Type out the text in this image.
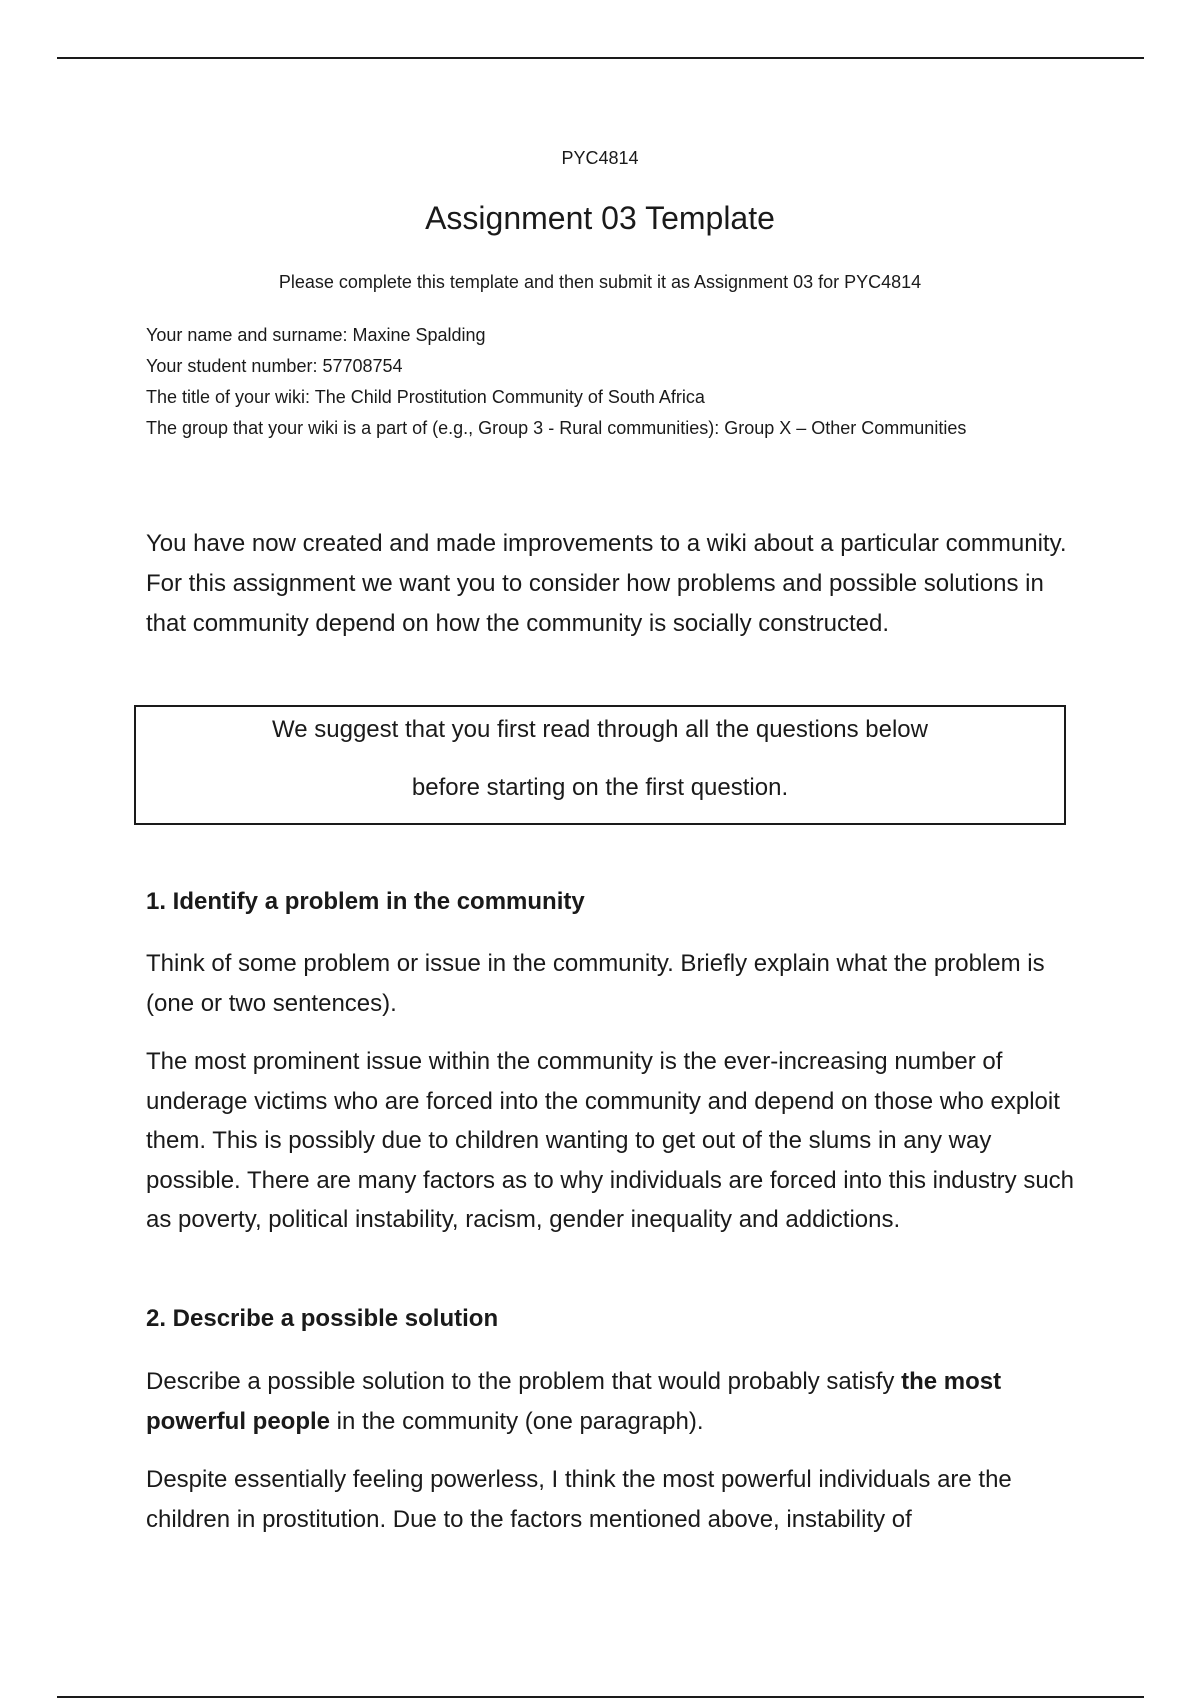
PYC4814
Assignment 03 Template
Please complete this template and then submit it as Assignment 03 for PYC4814
Your name and surname: Maxine Spalding
Your student number: 57708754
The title of your wiki: The Child Prostitution Community of South Africa
The group that your wiki is a part of (e.g., Group 3 - Rural communities): Group X – Other Communities
You have now created and made improvements to a wiki about a particular community. For this assignment we want you to consider how problems and possible solutions in that community depend on how the community is socially constructed.
We suggest that you first read through all the questions below
before starting on the first question.
1. Identify a problem in the community
Think of some problem or issue in the community. Briefly explain what the problem is (one or two sentences).
The most prominent issue within the community is the ever-increasing number of underage victims who are forced into the community and depend on those who exploit them. This is possibly due to children wanting to get out of the slums in any way possible. There are many factors as to why individuals are forced into this industry such as poverty, political instability, racism, gender inequality and addictions.
2. Describe a possible solution
Describe a possible solution to the problem that would probably satisfy the most powerful people in the community (one paragraph).
Despite essentially feeling powerless, I think the most powerful individuals are the children in prostitution. Due to the factors mentioned above, instability of
